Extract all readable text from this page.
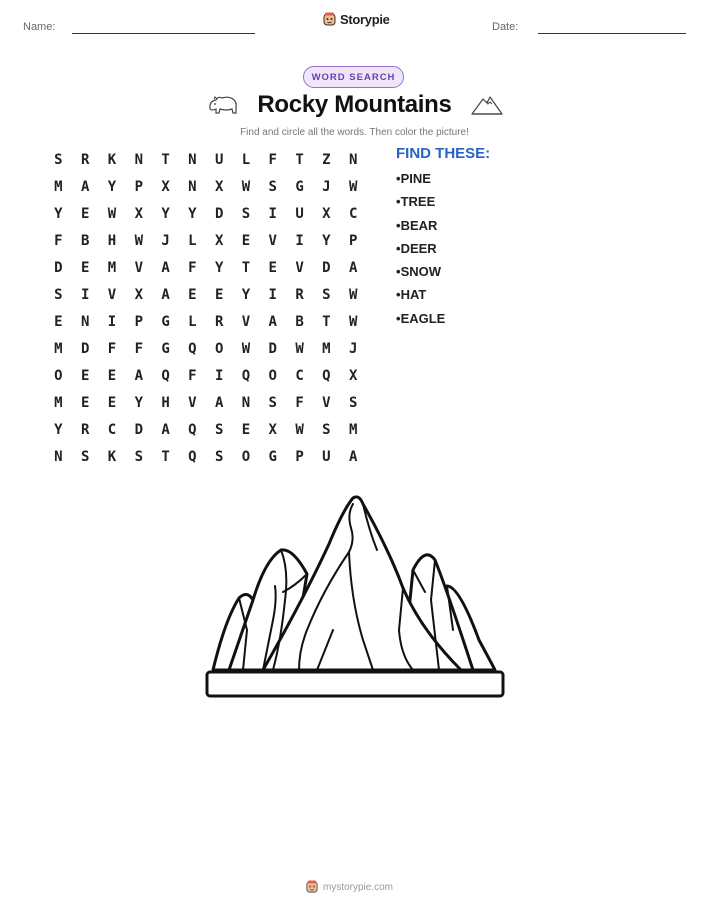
Name:	Storypie	Date:
WORD SEARCH
Rocky Mountains
Find and circle all the words. Then color the picture!
S	R	K	N	T	N	U	L	F	T	Z	N
M	A	Y	P	X	N	X	W	S	G	J	W
Y	E	W	X	Y	Y	D	S	I	U	X	C
F	B	H	W	J	L	X	E	V	I	Y	P
D	E	M	V	A	F	Y	T	E	V	D	A
S	I	V	X	A	E	E	Y	I	R	S	W
E	N	I	P	G	L	R	V	A	B	T	W
M	D	F	F	G	Q	O	W	D	W	M	J
O	E	E	A	Q	F	I	Q	O	C	Q	X
M	E	E	Y	H	V	A	N	S	F	V	S
Y	R	C	D	A	Q	S	E	X	W	S	M
N	S	K	S	T	Q	S	O	G	P	U	A
FIND THESE:
• PINE
• TREE
• BEAR
• DEER
• SNOW
• HAT
• EAGLE
mystorypie.com
